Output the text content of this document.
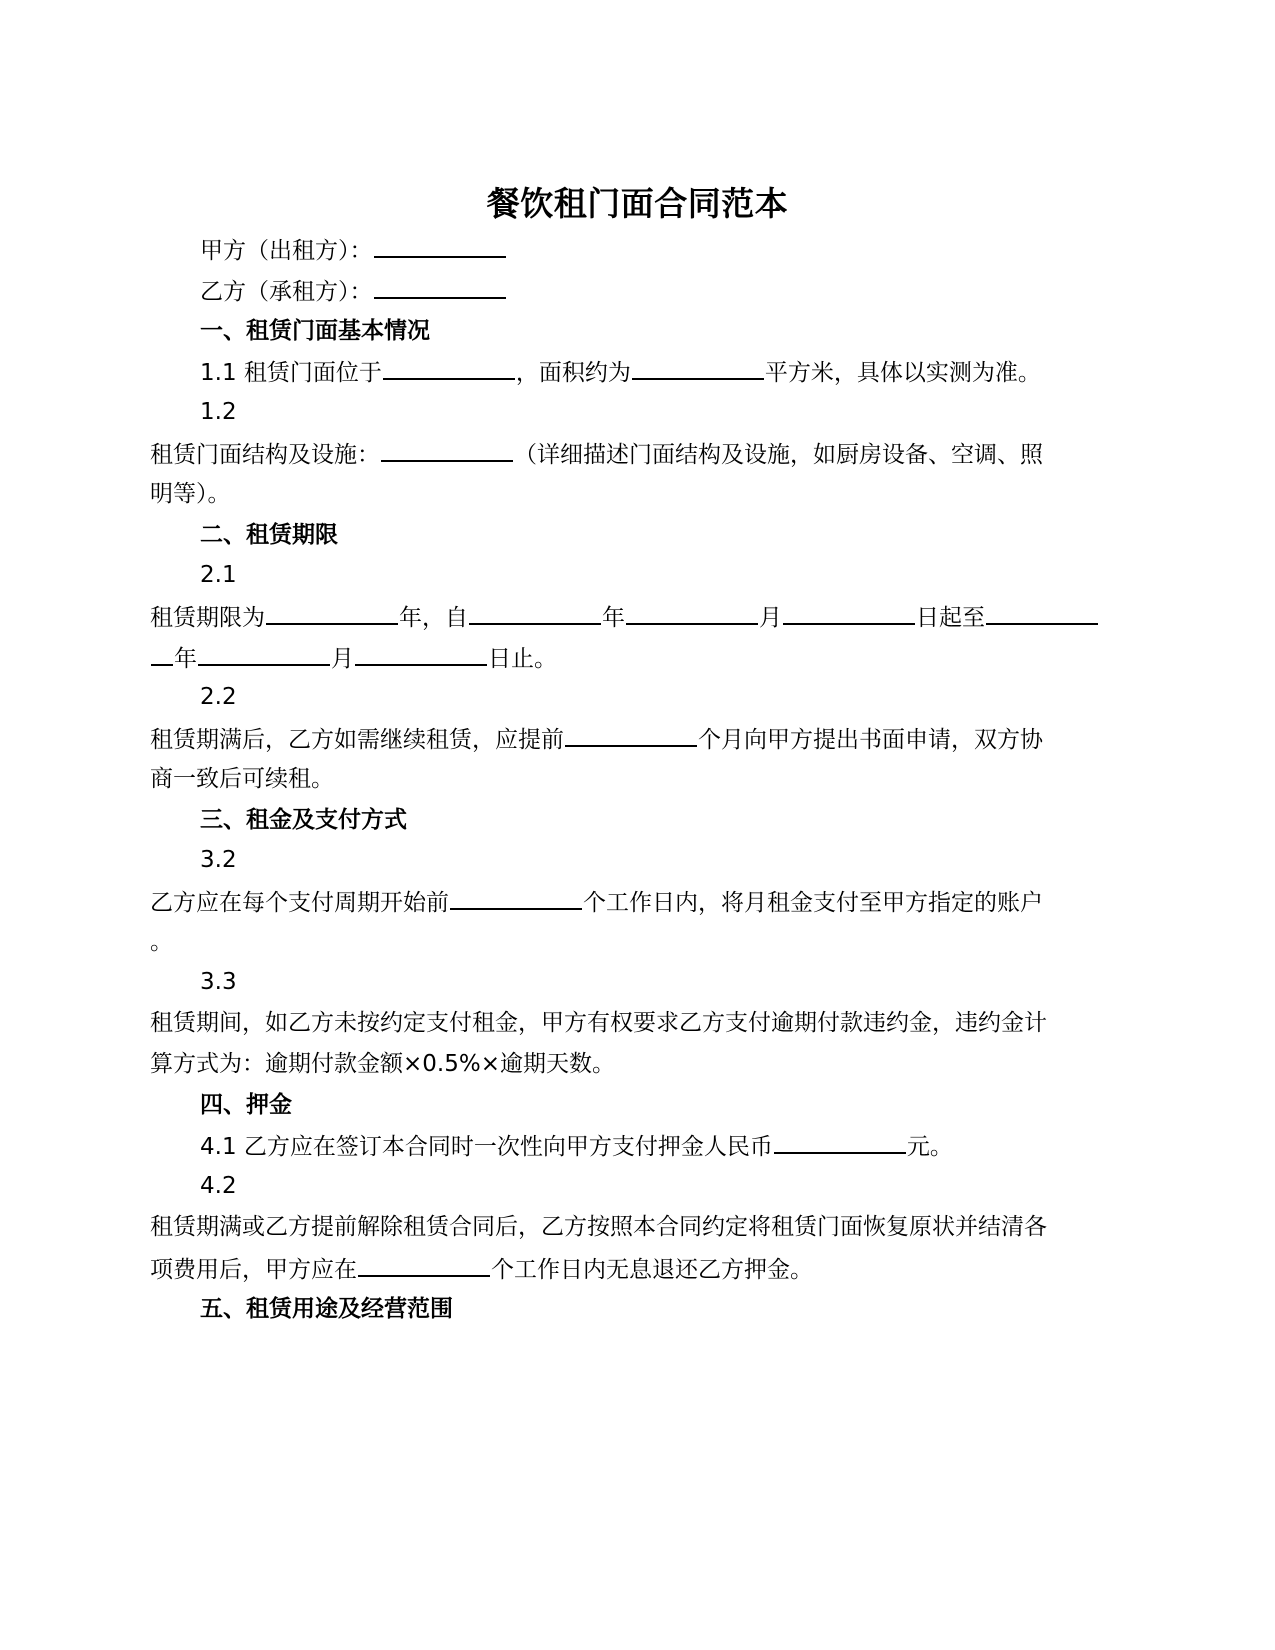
餐饮租门面合同范本
甲方（出租方）：
乙方（承租方）：
一、租赁门面基本情况
1.1 租赁门面位于	，面积约为	平方米，具体以实测为准。
1.2
租赁门面结构及设施：	（详细描述门面结构及设施，如厨房设备、空调、照
明等）。
二、租赁期限
2.1
租赁期限为	年，自	年	月	日起至
年	月	日止。
2.2
租赁期满后，乙方如需继续租赁，应提前	个月向甲方提出书面申请，双方协
商一致后可续租。
三、租金及支付方式
3.2
乙方应在每个支付周期开始前	个工作日内，将月租金支付至甲方指定的账户
。
3.3
租赁期间，如乙方未按约定支付租金，甲方有权要求乙方支付逾期付款违约金，违约金计
算方式为：逾期付款金额×0.5%×逾期天数。
四、押金
4.1 乙方应在签订本合同时一次性向甲方支付押金人民币	元。
4.2
租赁期满或乙方提前解除租赁合同后，乙方按照本合同约定将租赁门面恢复原状并结清各
项费用后，甲方应在	个工作日内无息退还乙方押金。
五、租赁用途及经营范围
